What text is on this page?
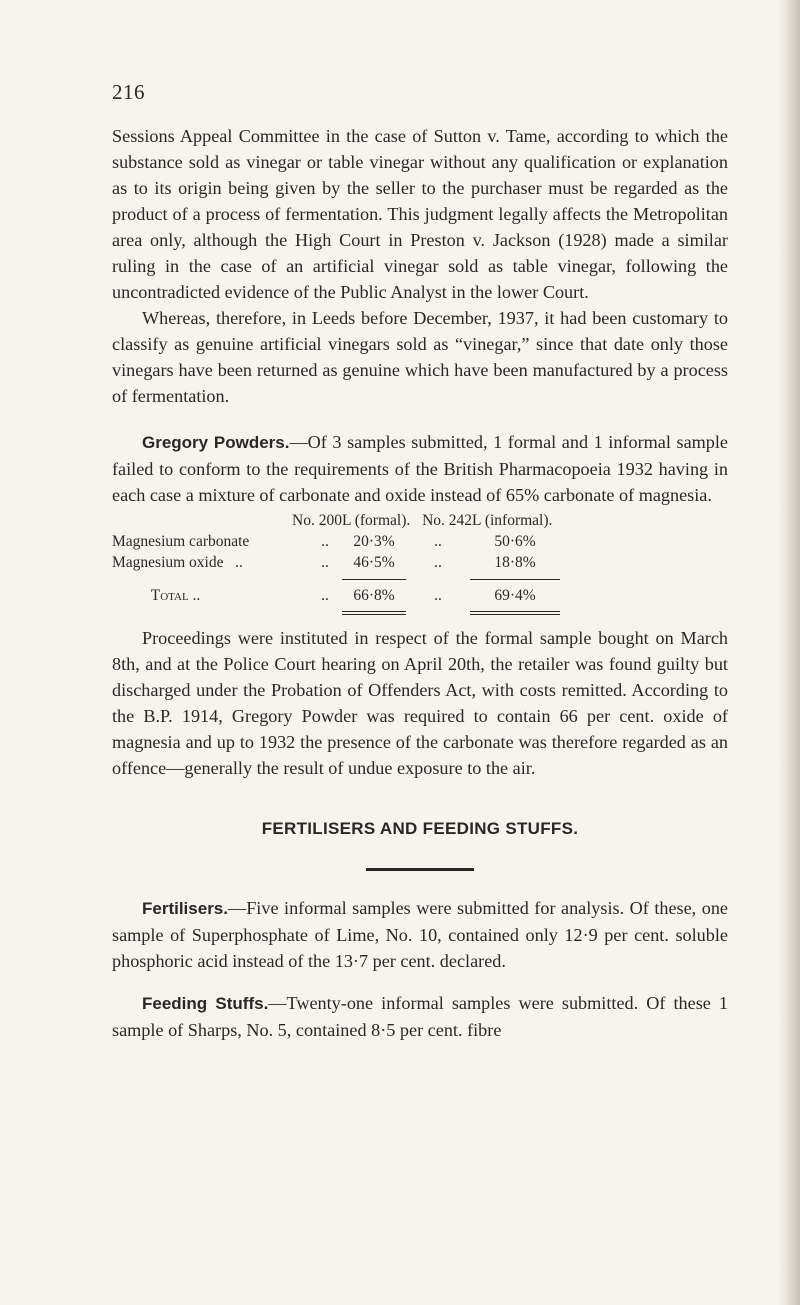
216

Sessions Appeal Committee in the case of Sutton v. Tame, according to which the substance sold as vinegar or table vinegar without any qualification or explanation as to its origin being given by the seller to the purchaser must be regarded as the product of a process of fermentation. This judgment legally affects the Metropolitan area only, although the High Court in Preston v. Jackson (1928) made a similar ruling in the case of an artificial vinegar sold as table vinegar, following the uncontradicted evidence of the Public Analyst in the lower Court.

Whereas, therefore, in Leeds before December, 1937, it had been customary to classify as genuine artificial vinegars sold as “vinegar,” since that date only those vinegars have been returned as genuine which have been manufactured by a process of fermentation.

Gregory Powders.—Of 3 samples submitted, 1 formal and 1 informal sample failed to conform to the requirements of the British Pharmacopoeia 1932 having in each case a mixture of carbonate and oxide instead of 65% carbonate of magnesia.

No. 200L (formal). No. 242L (informal).
Magnesium carbonate	..	20·3%	..	50·6%
Magnesium oxide ..	..	46·5%	..	18·8%
Total ..	..	66·8%	..	69·4%

Proceedings were instituted in respect of the formal sample bought on March 8th, and at the Police Court hearing on April 20th, the retailer was found guilty but discharged under the Probation of Offenders Act, with costs remitted. According to the B.P. 1914, Gregory Powder was required to contain 66 per cent. oxide of magnesia and up to 1932 the presence of the carbonate was therefore regarded as an offence—generally the result of undue exposure to the air.

FERTILISERS AND FEEDING STUFFS.

Fertilisers.—Five informal samples were submitted for analysis. Of these, one sample of Superphosphate of Lime, No. 10, contained only 12·9 per cent. soluble phosphoric acid instead of the 13·7 per cent. declared.

Feeding Stuffs.—Twenty-one informal samples were submitted. Of these 1 sample of Sharps, No. 5, contained 8·5 per cent. fibre
